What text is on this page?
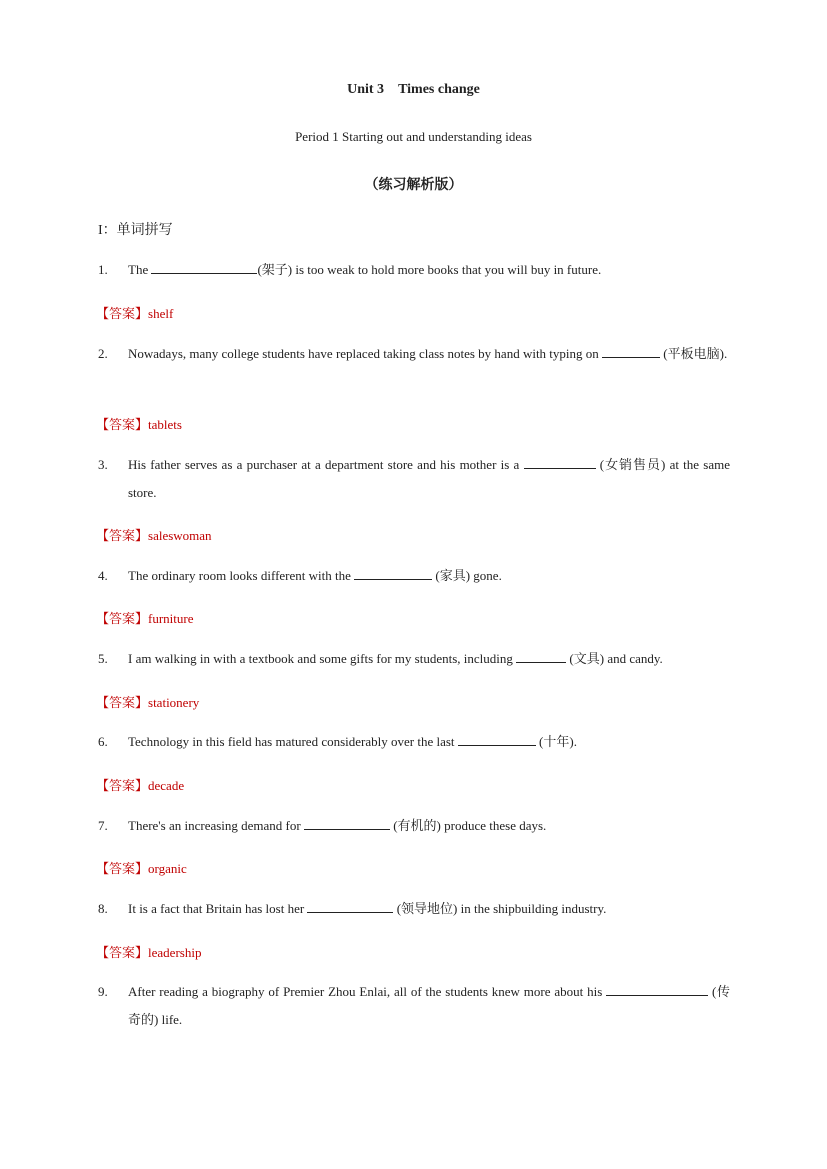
Unit 3 Times change
Period 1 Starting out and understanding ideas
（练习解析版）
I：单词拼写
1. The	(架子) is too weak to hold more books that you will buy in future.
【答案】shelf
2. Nowadays, many college students have replaced taking class notes by hand with typing on	(平板电脑).
【答案】tablets
3. His father serves as a purchaser at a department store and his mother is a	(女销售员) at the same store.
【答案】saleswoman
4. The ordinary room looks different with the	(家具) gone.
【答案】furniture
5. I am walking in with a textbook and some gifts for my students, including	(文具) and candy.
【答案】stationery
6. Technology in this field has matured considerably over the last	(十年).
【答案】decade
7. There's an increasing demand for	(有机的) produce these days.
【答案】organic
8. It is a fact that Britain has lost her	(领导地位) in the shipbuilding industry.
【答案】leadership
9. After reading a biography of Premier Zhou Enlai, all of the students knew more about his	(传奇的) life.
